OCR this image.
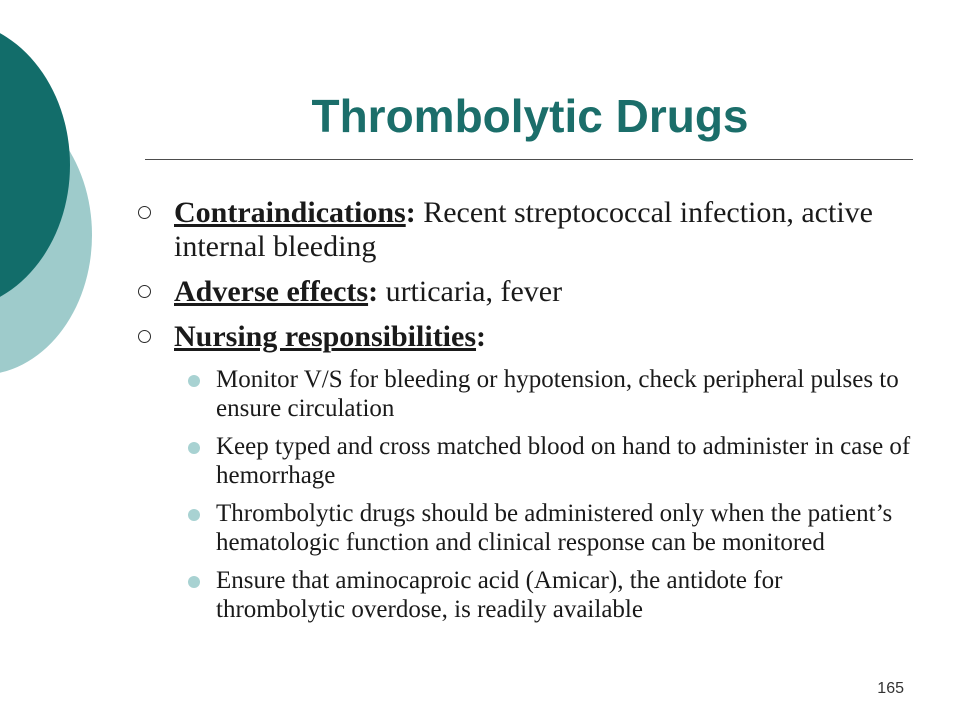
Thrombolytic Drugs
Contraindications: Recent streptococcal infection, active internal bleeding
Adverse effects: urticaria, fever
Nursing responsibilities:
Monitor V/S for bleeding or hypotension, check peripheral pulses to ensure circulation
Keep typed and cross matched blood on hand to administer in case of hemorrhage
Thrombolytic drugs should be administered only when the patient’s hematologic function and clinical response can be monitored
Ensure that aminocaproic acid (Amicar), the antidote for thrombolytic overdose, is readily available
165
